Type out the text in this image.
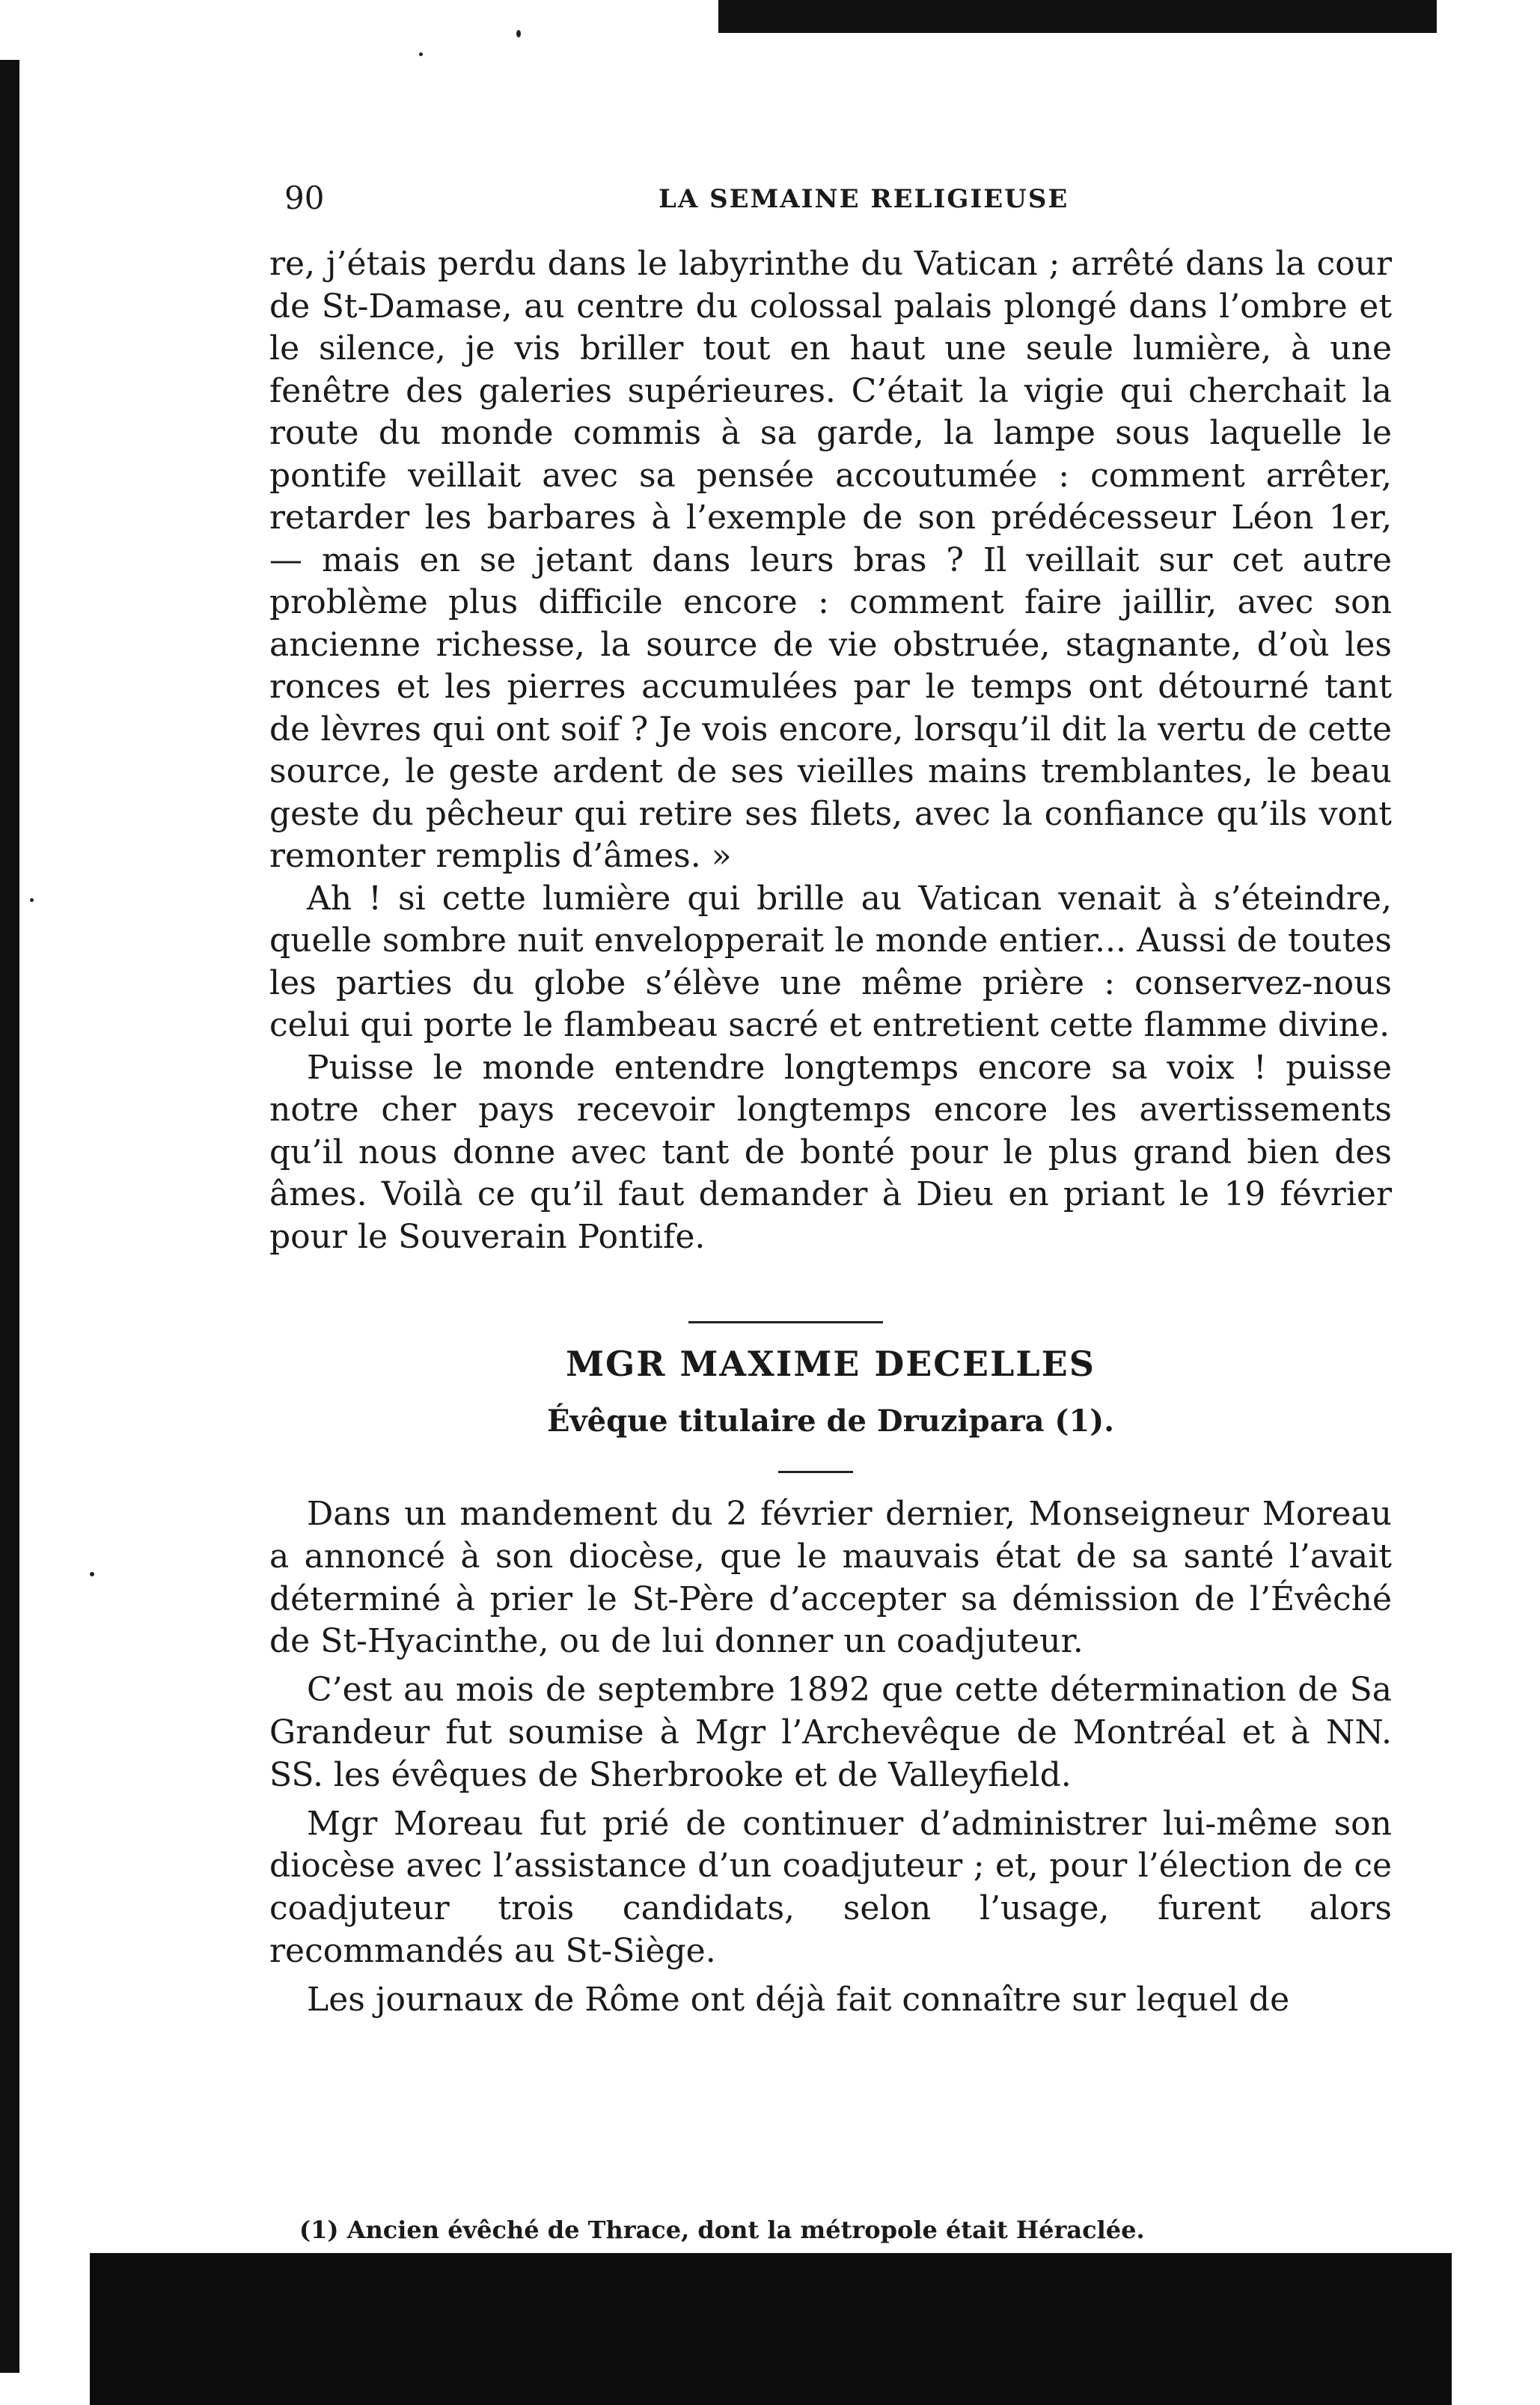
90	LA SEMAINE RELIGIEUSE

re, j’étais perdu dans le labyrinthe du Vatican ; arrêté dans la cour de St-Damase, au centre du colossal palais plongé dans l’ombre et le silence, je vis briller tout en haut une seule lumière, à une fenêtre des galeries supérieures. C’était la vigie qui cherchait la route du monde commis à sa garde, la lampe sous laquelle le pontife veillait avec sa pensée accoutumée : comment arrêter, retarder les barbares à l’exemple de son prédécesseur Léon 1er, — mais en se jetant dans leurs bras ? Il veillait sur cet autre problème plus difficile encore : comment faire jaillir, avec son ancienne richesse, la source de vie obstruée, stagnante, d’où les ronces et les pierres accumulées par le temps ont détourné tant de lèvres qui ont soif ? Je vois encore, lorsqu’il dit la vertu de cette source, le geste ardent de ses vieilles mains tremblantes, le beau geste du pêcheur qui retire ses filets, avec la confiance qu’ils vont remonter remplis d’âmes. »

Ah ! si cette lumière qui brille au Vatican venait à s’éteindre, quelle sombre nuit envelopperait le monde entier... Aussi de toutes les parties du globe s’élève une même prière : conservez-nous celui qui porte le flambeau sacré et entretient cette flamme divine.

Puisse le monde entendre longtemps encore sa voix ! puisse notre cher pays recevoir longtemps encore les avertissements qu’il nous donne avec tant de bonté pour le plus grand bien des âmes. Voilà ce qu’il faut demander à Dieu en priant le 19 février pour le Souverain Pontife.

MGR MAXIME DECELLES
Évêque titulaire de Druzipara (1).

Dans un mandement du 2 février dernier, Monseigneur Moreau a annoncé à son diocèse, que le mauvais état de sa santé l’avait déterminé à prier le St-Père d’accepter sa démission de l’Évêché de St-Hyacinthe, ou de lui donner un coadjuteur.

C’est au mois de septembre 1892 que cette détermination de Sa Grandeur fut soumise à Mgr l’Archevêque de Montréal et à NN. SS. les évêques de Sherbrooke et de Valleyfield.

Mgr Moreau fut prié de continuer d’administrer lui-même son diocèse avec l’assistance d’un coadjuteur ; et, pour l’élection de ce coadjuteur trois candidats, selon l’usage, furent alors recommandés au St-Siège.

Les journaux de Rôme ont déjà fait connaître sur lequel de

(1) Ancien évêché de Thrace, dont la métropole était Héraclée.
